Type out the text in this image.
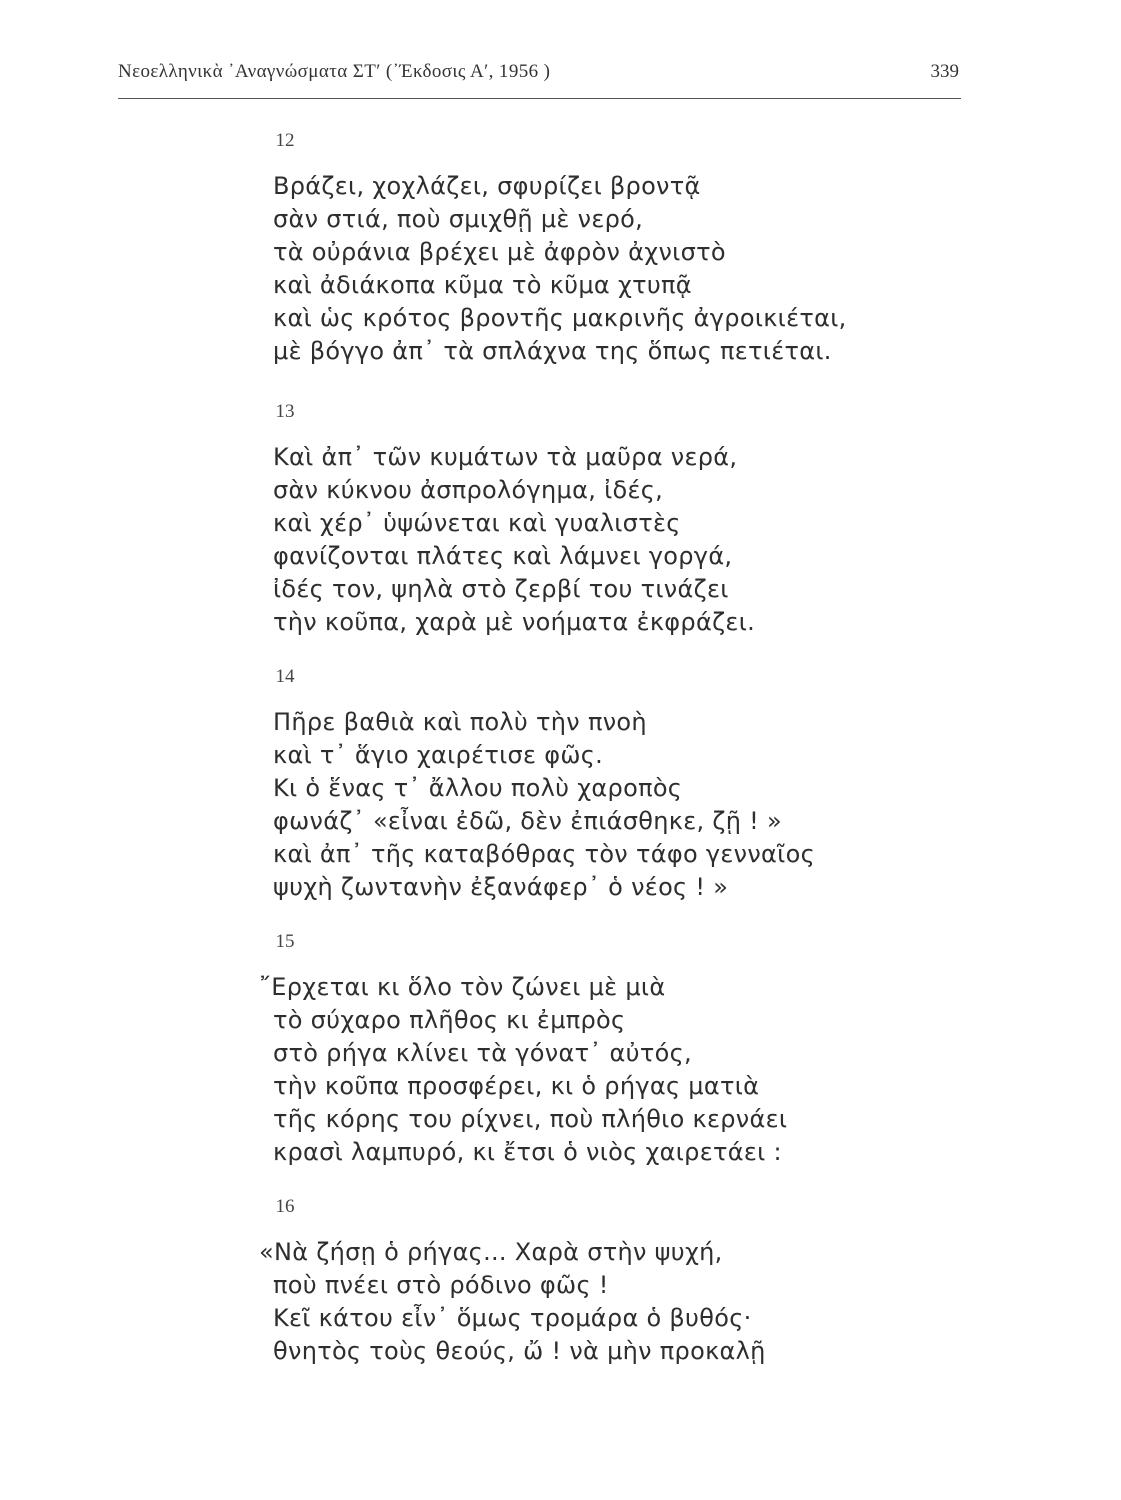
Νεοελληνικὰ ᾿Αναγνώσματα ΣΤ′ (᾿Έκδοσις Α′, 1956 )	339
12
Βράζει, χοχλάζει, σφυρίζει βροντᾷ
σὰν στιά, ποὺ σμιχθῇ μὲ νερό,
τὰ οὐράνια βρέχει μὲ ἀφρὸν ἀχνιστὸ
καὶ ἀδιάκοπα κῦμα τὸ κῦμα χτυπᾷ
καὶ ὡς κρότος βροντῆς μακρινῆς ἀγροικιέται,
μὲ βόγγο ἀπ᾿ τὰ σπλάχνα της ὅπως πετιέται.
13
Καὶ ἀπ᾿ τῶν κυμάτων τὰ μαῦρα νερά,
σὰν κύκνου ἀσπρολόγημα, ἰδές,
καὶ χέρ᾿ ὑψώνεται καὶ γυαλιστὲς
φανίζονται πλάτες καὶ λάμνει γοργά,
ἰδές τον, ψηλὰ στὸ ζερβί του τινάζει
τὴν κοῦπα, χαρὰ μὲ νοήματα ἐκφράζει.
14
Πῆρε βαθιὰ καὶ πολὺ τὴν πνοὴ
καὶ τ᾿ ἅγιο χαιρέτισε φῶς.
Κι ὁ ἕνας τ᾿ ἄλλου πολὺ χαροπὸς
φωνάζ᾿ «εἶναι ἐδῶ, δὲν ἐπιάσθηκε, ζῇ ! »
καὶ ἀπ᾿ τῆς καταβόθρας τὸν τάφο γενναῖος
ψυχὴ ζωντανὴν ἐξανάφερ᾿ ὁ νέος ! »
15
῎Ερχεται κι ὅλο τὸν ζώνει μὲ μιὰ
τὸ σύχαρο πλῆθος κι ἐμπρὸς
στὸ ρήγα κλίνει τὰ γόνατ᾿ αὐτός,
τὴν κοῦπα προσφέρει, κι ὁ ρήγας ματιὰ
τῆς κόρης του ρίχνει, ποὺ πλήθιο κερνάει
κρασὶ λαμπυρό, κι ἔτσι ὁ νιὸς χαιρετάει :
16
«Νὰ ζήσῃ ὁ ρήγας... Χαρὰ στὴν ψυχή,
ποὺ πνέει στὸ ρόδινο φῶς !
Κεῖ κάτου εἶν᾿ ὅμως τρομάρα ὁ βυθός·
θνητὸς τοὺς θεούς, ὤ ! νὰ μὴν προκαλῇ
